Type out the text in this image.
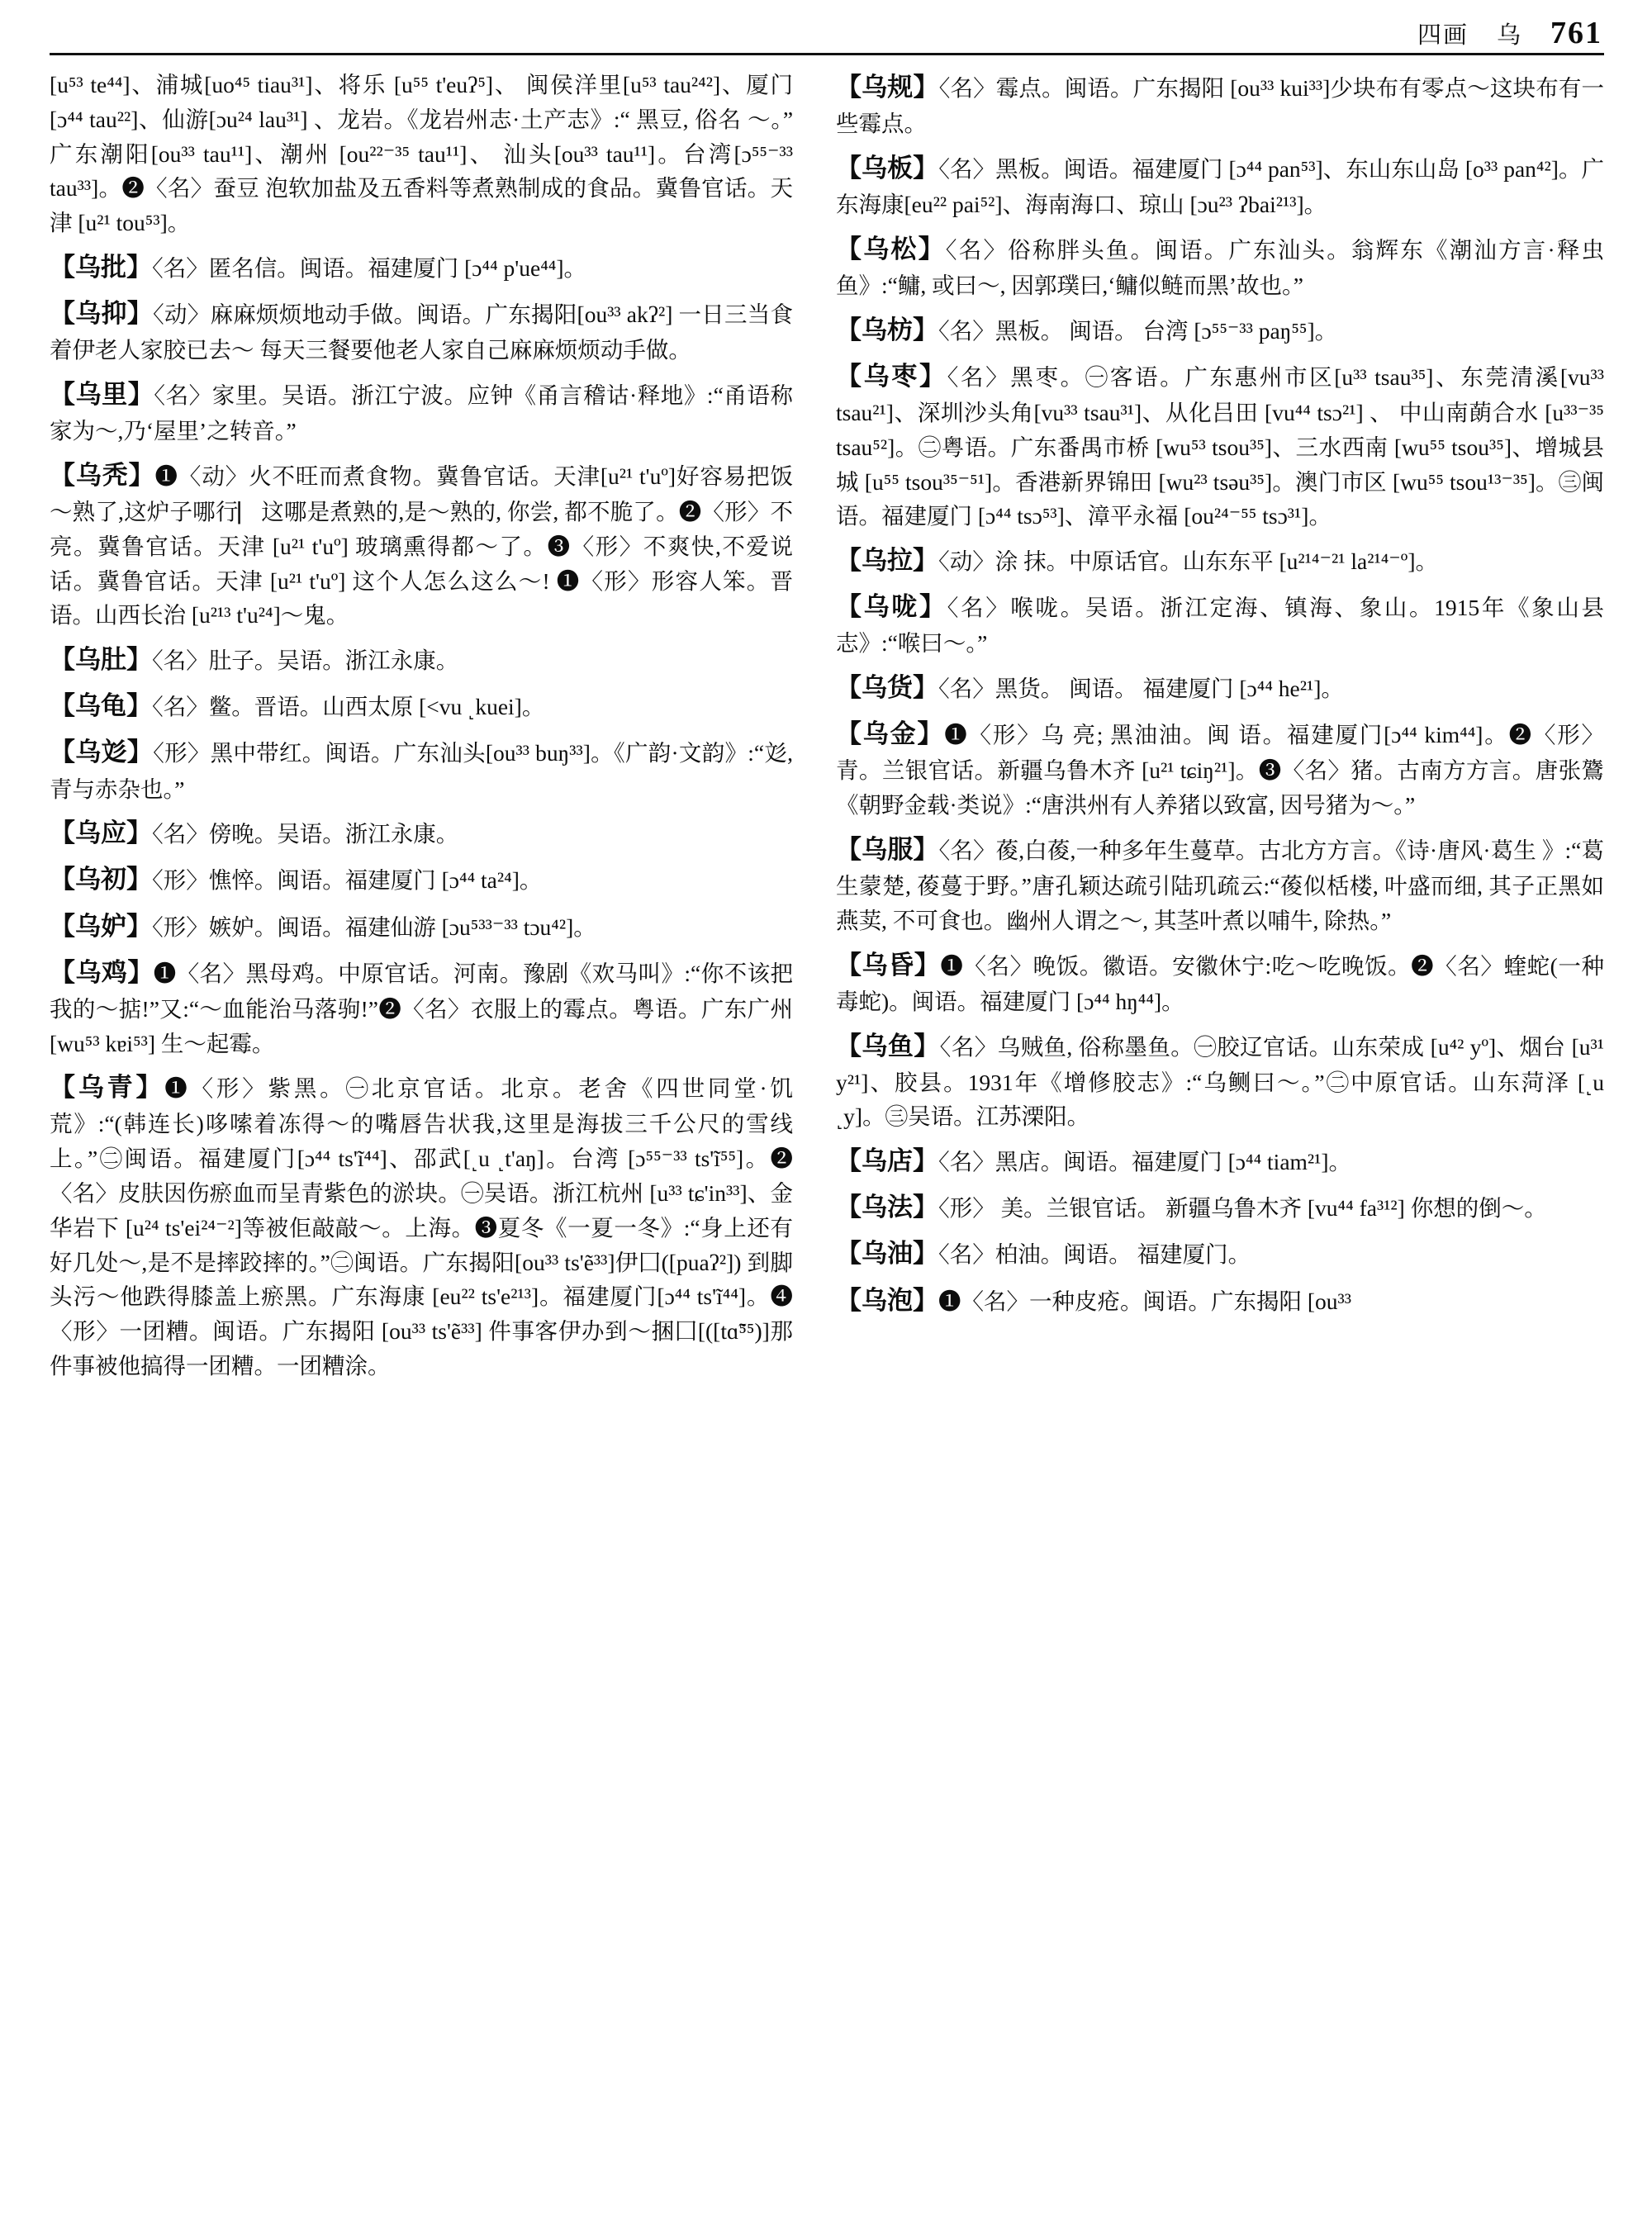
四画 乌 761
[u⁵³ te⁴⁴]、浦城[uo⁴⁵ tiau³¹]、将乐 [u⁵⁵ t'euʔ⁵]、 闽侯洋里[u⁵³ tau²⁴²]、厦门 [ɔ⁴⁴ tau²²]、仙游[ɔu²⁴ lau³¹] 、龙岩。《龙岩州志·土产志》:“ 黑豆, 俗名 ～。” 广东潮阳[ou³³ tau¹¹]、潮州 [ou²²⁻³⁵ tau¹¹]、 汕头[ou³³ tau¹¹]。台湾[ɔ⁵⁵⁻³³ tau³³]。❷〈名〉蚕豆 泡软加盐及五香料等煮熟制成的食品。冀鲁官话。天 津 [u²¹ tou⁵³]。
【乌批】〈名〉匿名信。闽语。福建厦门 [ɔ⁴⁴ p'ue⁴⁴]。
【乌抑】〈动〉麻麻烦烦地动手做。闽语。广东揭阳[ou³³ akʔ²] 一日三当食着伊老人家胶已去～ 每天三餐要他老人家自己麻麻烦烦动手做。
【乌里】〈名〉家里。吴语。浙江宁波。应钟《甬言稽诂·释地》:“甬语称家为～,乃‘屋里’之转音。”
【乌秃】❶〈动〉火不旺而煮食物。冀鲁官话。天津[u²¹ t'uº]好容易把饭～熟了,这炉子哪行⎸这哪是煮熟的,是～熟的, 你尝, 都不脆了。❷〈形〉不亮。冀鲁官话。天津 [u²¹ t'uº] 玻璃熏得都～了。❸〈形〉不爽快,不爱说话。冀鲁官话。天津 [u²¹ t'uº] 这个人怎么这么～! ❶〈形〉形容人笨。晋语。山西长治 [u²¹³ t'u²⁴]～鬼。
【乌肚】〈名〉肚子。吴语。浙江永康。
【乌龟】〈名〉鳖。晋语。山西太原 [˂vu ˻kuei]。
【乌彣】〈形〉黑中带红。闽语。广东汕头[ou³³ buŋ³³]。《广韵·文韵》:“彣, 青与赤杂也。”
【乌应】〈名〉傍晚。吴语。浙江永康。
【乌初】〈形〉憔悴。闽语。福建厦门 [ɔ⁴⁴ ta²⁴]。
【乌妒】〈形〉嫉妒。闽语。福建仙游 [ɔu⁵³³⁻³³ tɔu⁴²]。
【乌鸡】❶〈名〉黑母鸡。中原官话。河南。豫剧《欢马叫》:“你不该把我的～掂!”又:“～血能治马落驹!”❷〈名〉衣服上的霉点。粤语。广东广州 [wu⁵³ kɐi⁵³] 生～起霉。
【乌青】❶〈形〉紫黑。㊀北京官话。北京。老舍《四世同堂·饥荒》:“(韩连长)哆嗦着冻得～的嘴唇告状我,这里是海拔三千公尺的雪线上。”㊁闽语。福建厦门[ɔ⁴⁴ ts'ĩ⁴⁴]、邵武[˻u ˻t'aŋ]。台湾 [ɔ⁵⁵⁻³³ ts'ĩ⁵⁵]。❷〈名〉皮肤因伤瘀血而呈青紫色的淤块。㊀吴语。浙江杭州 [u³³ tɕ'in³³]、金华岩下 [u²⁴ ts'ei²⁴⁻²]等被佢敲敲～。上海。❸夏冬《一夏一冬》:“身上还有好几处～,是不是摔跤摔的。”㊁闽语。广东揭阳[ou³³ ts'ẽ³³]伊囗([puaʔ²]) 到脚头污～他跌得膝盖上瘀黑。广东海康 [eu²² ts'e²¹³]。福建厦门[ɔ⁴⁴ ts'ĩ⁴⁴]。❹〈形〉一团糟。闽语。广东揭阳 [ou³³ ts'ẽ³³] 件事客伊办到～捆囗[([tɑ̃⁵⁵)]那件事被他搞得一团糟。一团糟涂。
【乌规】〈名〉霉点。闽语。广东揭阳 [ou³³ kui³³]少块布有零点～这块布有一些霉点。
【乌板】〈名〉黑板。闽语。福建厦门 [ɔ⁴⁴ pan⁵³]、东山东山岛 [o³³ pan⁴²]。广东海康[eu²² pai⁵²]、海南海口、琼山 [ɔu²³ ʔbai²¹³]。
【乌松】〈名〉俗称胖头鱼。闽语。广东汕头。翁辉东《潮汕方言·释虫鱼》:“鳙, 或曰～, 因郭璞曰,‘鳙似鲢而黑’故也。”
【乌枋】〈名〉黑板。 闽语。 台湾 [ɔ⁵⁵⁻³³ paŋ⁵⁵]。
【乌枣】〈名〉黑枣。㊀客语。广东惠州市区[u³³ tsau³⁵]、东莞清溪[vu³³ tsau²¹]、深圳沙头角[vu³³ tsau³¹]、从化吕田 [vu⁴⁴ tsɔ²¹] 、 中山南蓢合水 [u³³⁻³⁵ tsau⁵²]。㊁粤语。广东番禺市桥 [wu⁵³ tsou³⁵]、三水西南 [wu⁵⁵ tsou³⁵]、增城县城 [u⁵⁵ tsou³⁵⁻⁵¹]。香港新界锦田 [wu²³ tsəu³⁵]。澳门市区 [wu⁵⁵ tsou¹³⁻³⁵]。㊂闽语。福建厦门 [ɔ⁴⁴ tsɔ⁵³]、漳平永福 [ou²⁴⁻⁵⁵ tsɔ³¹]。
【乌拉】〈动〉涂 抹。中原话官。山东东平 [u²¹⁴⁻²¹ la²¹⁴⁻º]。
【乌咙】〈名〉喉咙。吴语。浙江定海、镇海、象山。1915年《象山县志》:“喉曰～。”
【乌货】〈名〉黑货。 闽语。 福建厦门 [ɔ⁴⁴ he²¹]。
【乌金】❶〈形〉乌 亮; 黑油油。闽 语。福建厦门[ɔ⁴⁴ kim⁴⁴]。❷〈形〉青。兰银官话。新疆乌鲁木齐 [u²¹ tɕiŋ²¹]。❸〈名〉猪。古南方方言。唐张鷟《朝野金载·类说》:“唐洪州有人养猪以致富, 因号猪为～。”
【乌服】〈名〉葰,白葰,一种多年生蔓草。古北方方言。《诗·唐风·葛生 》:“葛生蒙楚, 葰蔓于野。”唐孔颖达疏引陆玑疏云:“葰似栝楼, 叶盛而细, 其子正黑如燕荬, 不可食也。幽州人谓之～, 其茎叶煮以哺牛, 除热。”
【乌昏】❶〈名〉晚饭。徽语。安徽休宁:吃～吃晚饭。❷〈名〉蝰蛇(一种毒蛇)。闽语。福建厦门 [ɔ⁴⁴ hŋ⁴⁴]。
【乌鱼】〈名〉乌贼鱼, 俗称墨鱼。㊀胶辽官话。山东荣成 [u⁴² yº]、烟台 [u³¹ y²¹]、胶县。1931年《增修胶志》:“乌鲗曰～。”㊁中原官话。山东菏泽 [˻u ˻y]。㊂吴语。江苏溧阳。
【乌店】〈名〉黑店。闽语。福建厦门 [ɔ⁴⁴ tiam²¹]。
【乌法】〈形〉 美。兰银官话。 新疆乌鲁木齐 [vu⁴⁴ fa³¹²] 你想的倒～。
【乌油】〈名〉柏油。闽语。 福建厦门。
【乌泡】❶〈名〉一种皮疮。闽语。广东揭阳 [ou³³
